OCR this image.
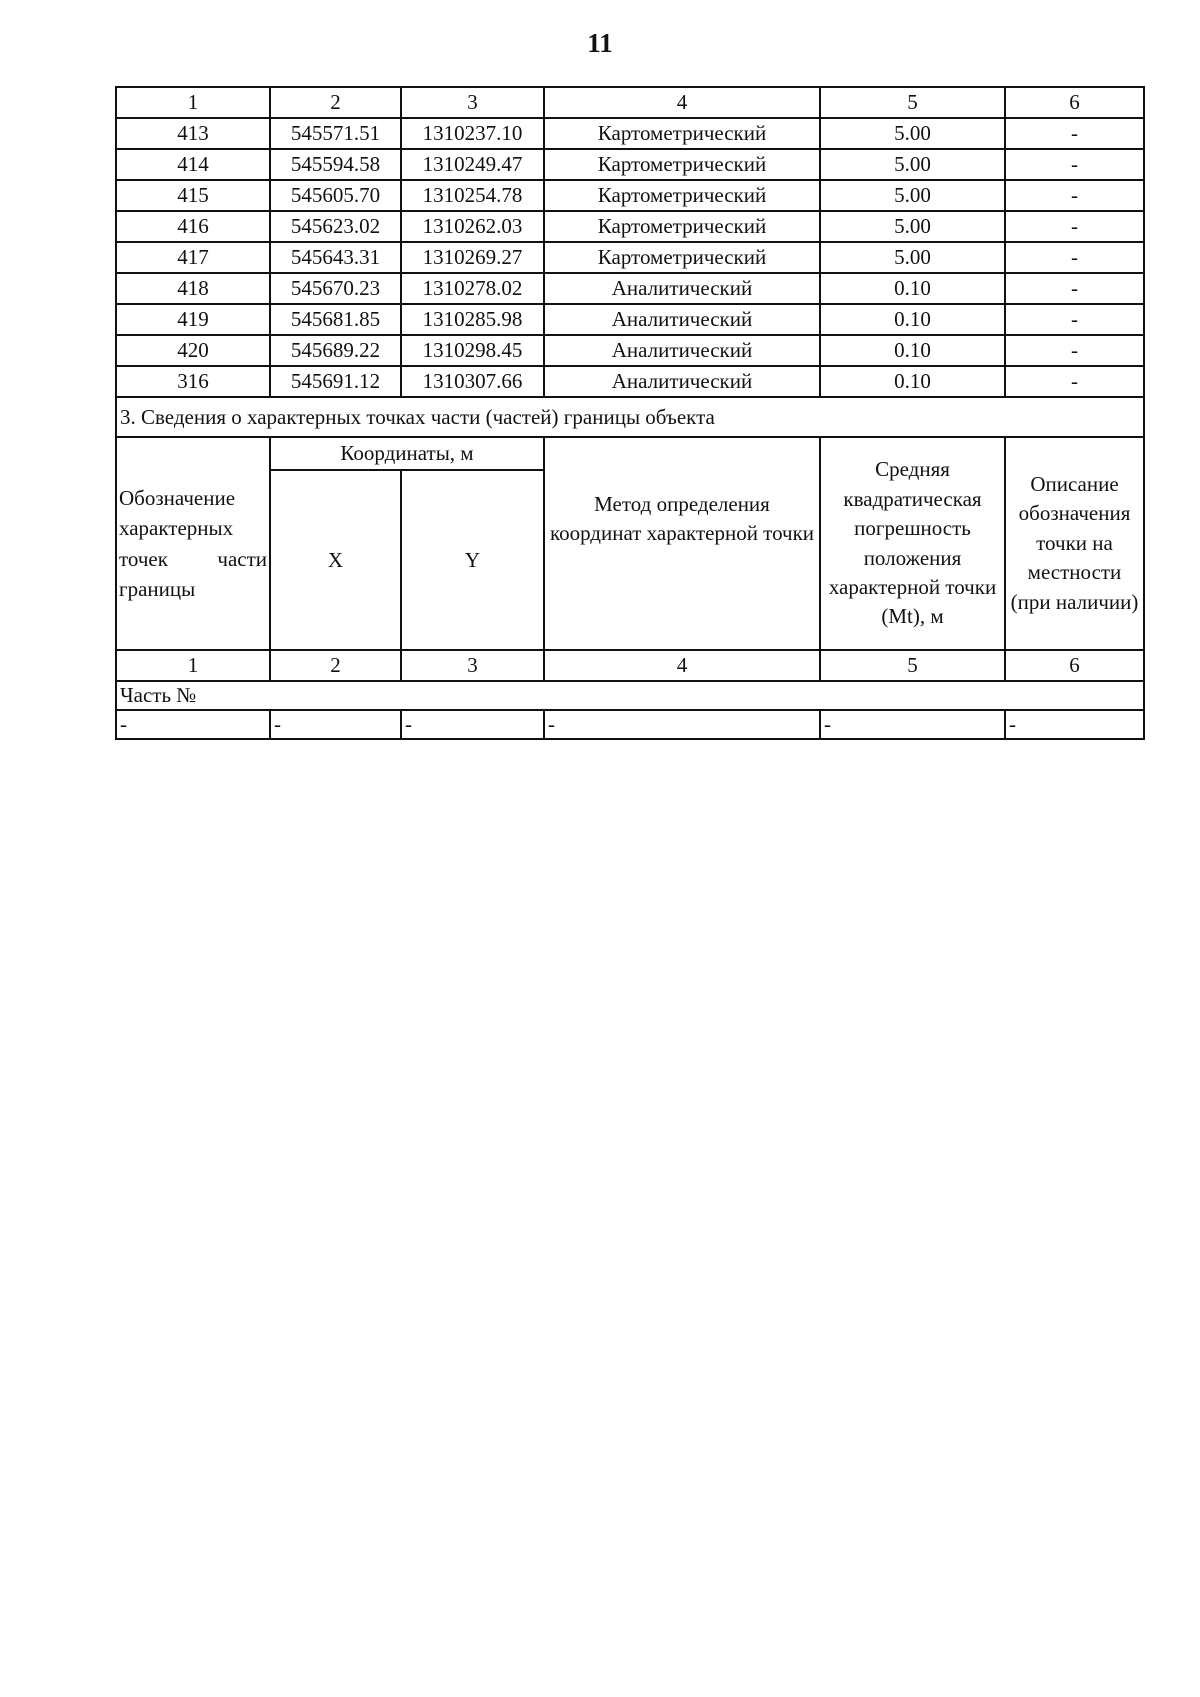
11
1	2	3	4	5	6
413	545571.51	1310237.10	Картометрический	5.00	-
414	545594.58	1310249.47	Картометрический	5.00	-
415	545605.70	1310254.78	Картометрический	5.00	-
416	545623.02	1310262.03	Картометрический	5.00	-
417	545643.31	1310269.27	Картометрический	5.00	-
418	545670.23	1310278.02	Аналитический	0.10	-
419	545681.85	1310285.98	Аналитический	0.10	-
420	545689.22	1310298.45	Аналитический	0.10	-
316	545691.12	1310307.66	Аналитический	0.10	-
3. Сведения о характерных точках части (частей) границы объекта					
Обозначение характерных точек части границы	Координаты, м		Метод определения координат характерной точки	Средняя квадратическая погрешность положения характерной точки (Mt), м	Описание обозначения точки на местности (при наличии)
	X	Y			
1	2	3	4	5	6
Часть №					
-	-	-	-	-	-
